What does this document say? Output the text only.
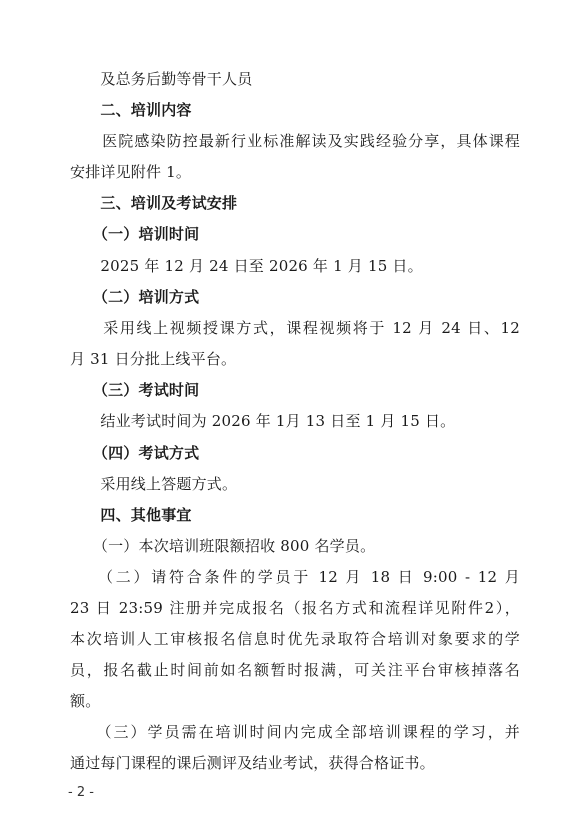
　　及总务后勤等骨干人员
　　二、培训内容
　　医院感染防控最新行业标准解读及实践经验分享，具体课程
安排详见附件 1。
　　三、培训及考试安排
　　（一）培训时间
　　2025 年 12 月 24 日至 2026 年 1 月 15 日。
　　（二）培训方式
　　采用线上视频授课方式，课程视频将于 12 月 24 日、12
月 31 日分批上线平台。
　　（三）考试时间
　　结业考试时间为 2026 年 1月 13 日至 1 月 15 日。
　　（四）考试方式
　　采用线上答题方式。
　　四、其他事宜
　　（一）本次培训班限额招收 800 名学员。
　　（二）请符合条件的学员于 12 月 18 日 9:00 - 12 月
23 日 23:59 注册并完成报名（报名方式和流程详见附件2），
本次培训人工审核报名信息时优先录取符合培训对象要求的学
员，报名截止时间前如名额暂时报满，可关注平台审核掉落名
额。
　　（三）学员需在培训时间内完成全部培训课程的学习，并
通过每门课程的课后测评及结业考试，获得合格证书。
- 2 -
